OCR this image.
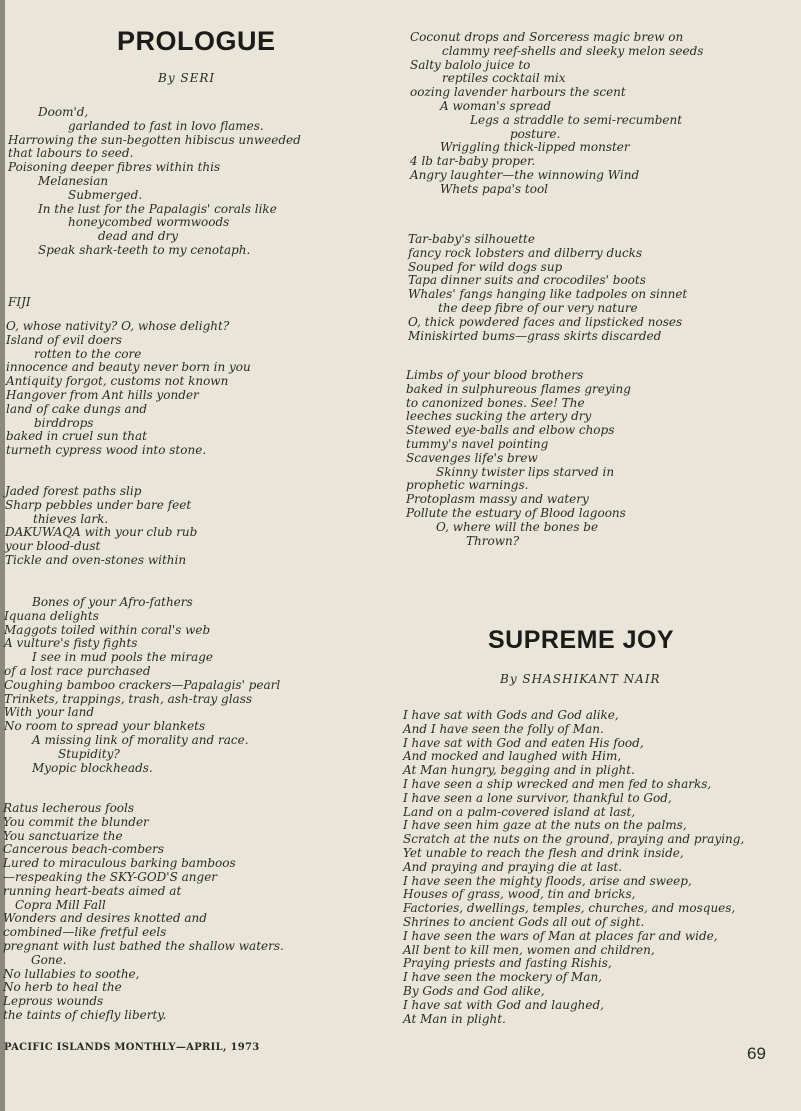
PROLOGUE
By SERI
Doom'd,
garlanded to fast in lovo flames.
Harrowing the sun-begotten hibiscus unweeded
that labours to seed.
Poisoning deeper fibres within this
Melanesian
Submerged.
In the lust for the Papalagis' corals like
honeycombed wormwoods
dead and dry
Speak shark-teeth to my cenotaph.
FIJI
O, whose nativity? O, whose delight?
Island of evil doers
rotten to the core
innocence and beauty never born in you
Antiquity forgot, customs not known
Hangover from Ant hills yonder
land of cake dungs and
birddrops
baked in cruel sun that
turneth cypress wood into stone.
Jaded forest paths slip
Sharp pebbles under bare feet
thieves lark.
DAKUWAQA with your club rub
your blood-dust
Tickle and oven-stones within
Bones of your Afro-fathers
Iquana delights
Maggots toiled within coral's web
A vulture's fisty fights
I see in mud pools the mirage
of a lost race purchased
Coughing bamboo crackers—Papalagis' pearl
Trinkets, trappings, trash, ash-tray glass
With your land
No room to spread your blankets
A missing link of morality and race.
Stupidity?
Myopic blockheads.
Ratus lecherous fools
You commit the blunder
You sanctuarize the
Cancerous beach-combers
Lured to miraculous barking bamboos
—respeaking the SKY-GOD'S anger
running heart-beats aimed at
Copra Mill Fall
Wonders and desires knotted and
combined—like fretful eels
pregnant with lust bathed the shallow waters.
Gone.
No lullabies to soothe,
No herb to heal the
Leprous wounds
the taints of chiefly liberty.
Coconut drops and Sorceress magic brew on
clammy reef-shells and sleeky melon seeds
Salty balolo juice to
reptiles cocktail mix
oozing lavender harbours the scent
A woman's spread
Legs a straddle to semi-recumbent
posture.
Wriggling thick-lipped monster
4 lb tar-baby proper.
Angry laughter—the winnowing Wind
Whets papa's tool
Tar-baby's silhouette
fancy rock lobsters and dilberry ducks
Souped for wild dogs sup
Tapa dinner suits and crocodiles' boots
Whales' fangs hanging like tadpoles on sinnet
the deep fibre of our very nature
O, thick powdered faces and lipsticked noses
Miniskirted bums—grass skirts discarded
Limbs of your blood brothers
baked in sulphureous flames greying
to canonized bones. See! The
leeches sucking the artery dry
Stewed eye-balls and elbow chops
tummy's navel pointing
Scavenges life's brew
Skinny twister lips starved in
prophetic warnings.
Protoplasm massy and watery
Pollute the estuary of Blood lagoons
O, where will the bones be
Thrown?
SUPREME JOY
By SHASHIKANT NAIR
I have sat with Gods and God alike,
And I have seen the folly of Man.
I have sat with God and eaten His food,
And mocked and laughed with Him,
At Man hungry, begging and in plight.
I have seen a ship wrecked and men fed to sharks,
I have seen a lone survivor, thankful to God,
Land on a palm-covered island at last,
I have seen him gaze at the nuts on the palms,
Scratch at the nuts on the ground, praying and praying,
Yet unable to reach the flesh and drink inside,
And praying and praying die at last.
I have seen the mighty floods, arise and sweep,
Houses of grass, wood, tin and bricks,
Factories, dwellings, temples, churches, and mosques,
Shrines to ancient Gods all out of sight.
I have seen the wars of Man at places far and wide,
All bent to kill men, women and children,
Praying priests and fasting Rishis,
I have seen the mockery of Man,
By Gods and God alike,
I have sat with God and laughed,
At Man in plight.
PACIFIC ISLANDS MONTHLY—APRIL, 1973	69
